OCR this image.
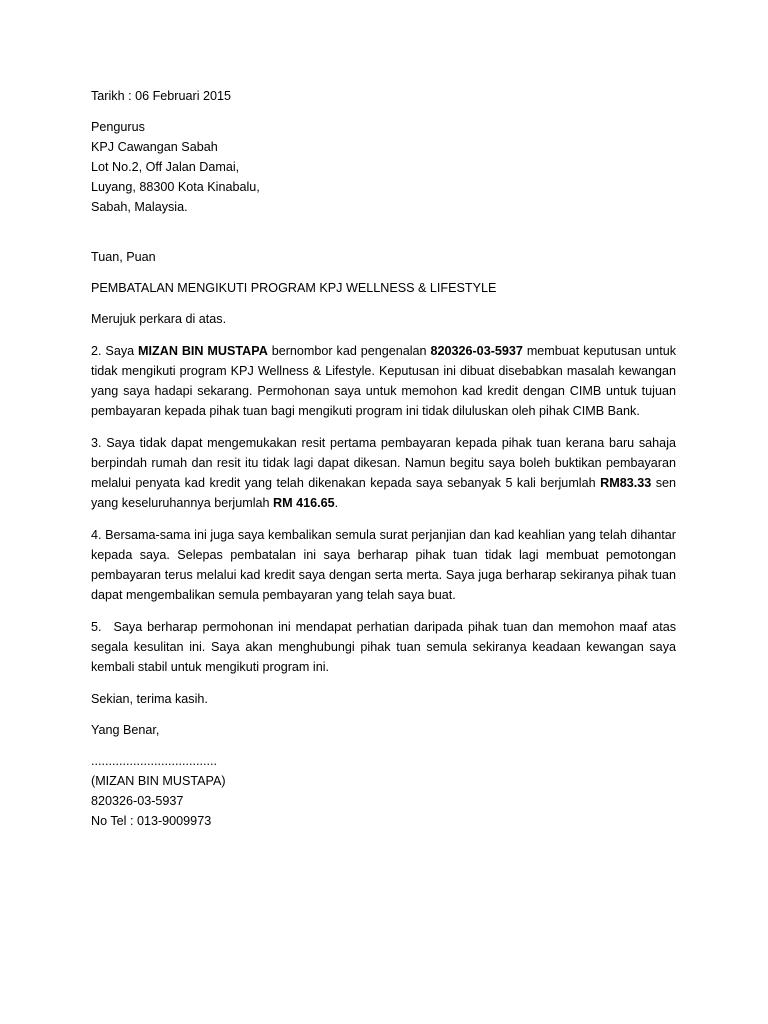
Tarikh : 06 Februari 2015
Pengurus
KPJ Cawangan Sabah
Lot No.2, Off Jalan Damai,
Luyang, 88300 Kota Kinabalu,
Sabah, Malaysia.
Tuan, Puan
PEMBATALAN MENGIKUTI PROGRAM KPJ WELLNESS & LIFESTYLE
Merujuk perkara di atas.

2. Saya MIZAN BIN MUSTAPA bernombor kad pengenalan 820326-03-5937 membuat keputusan untuk tidak mengikuti program KPJ Wellness & Lifestyle. Keputusan ini dibuat disebabkan masalah kewangan yang saya hadapi sekarang. Permohonan saya untuk memohon kad kredit dengan CIMB untuk tujuan pembayaran kepada pihak tuan bagi mengikuti program ini tidak diluluskan oleh pihak CIMB Bank.

3. Saya tidak dapat mengemukakan resit pertama pembayaran kepada pihak tuan kerana baru sahaja berpindah rumah dan resit itu tidak lagi dapat dikesan. Namun begitu saya boleh buktikan pembayaran melalui penyata kad kredit yang telah dikenakan kepada saya sebanyak 5 kali berjumlah RM83.33 sen yang keseluruhannya berjumlah RM 416.65.

4. Bersama-sama ini juga saya kembalikan semula surat perjanjian dan kad keahlian yang telah dihantar kepada saya. Selepas pembatalan ini saya berharap pihak tuan tidak lagi membuat pemotongan pembayaran terus melalui kad kredit saya dengan serta merta. Saya juga berharap sekiranya pihak tuan dapat mengembalikan semula pembayaran yang telah saya buat.

5. Saya berharap permohonan ini mendapat perhatian daripada pihak tuan dan memohon maaf atas segala kesulitan ini. Saya akan menghubungi pihak tuan semula sekiranya keadaan kewangan saya kembali stabil untuk mengikuti program ini.

Sekian, terima kasih.
Yang Benar,
....................................
(MIZAN BIN MUSTAPA)
820326-03-5937
No Tel : 013-9009973
